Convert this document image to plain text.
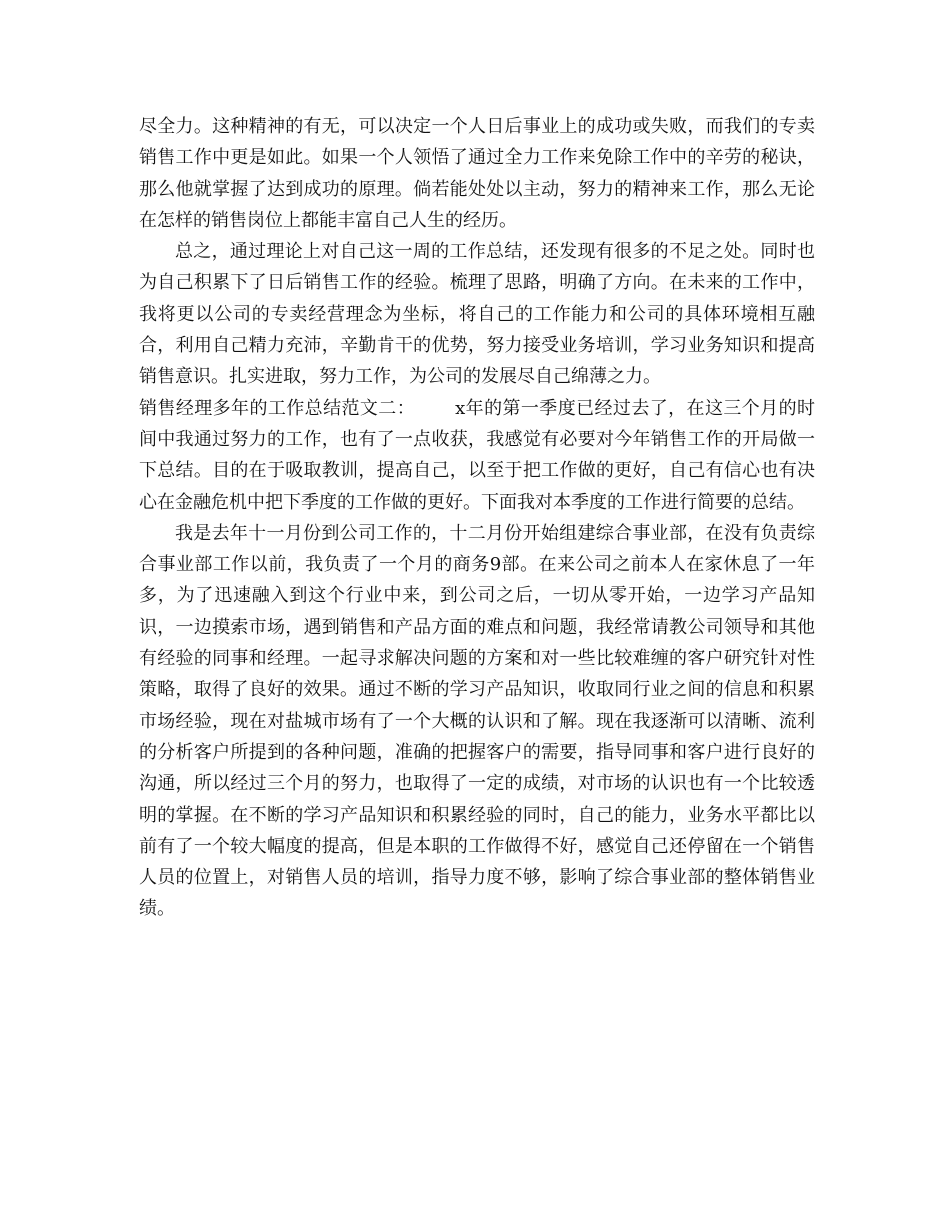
尽全力。这种精神的有无，可以决定一个人日后事业上的成功或失败，而我们的专卖销售工作中更是如此。如果一个人领悟了通过全力工作来免除工作中的辛劳的秘诀，那么他就掌握了达到成功的原理。倘若能处处以主动，努力的精神来工作，那么无论在怎样的销售岗位上都能丰富自己人生的经历。

总之，通过理论上对自己这一周的工作总结，还发现有很多的不足之处。同时也为自己积累下了日后销售工作的经验。梳理了思路，明确了方向。在未来的工作中，我将更以公司的专卖经营理念为坐标，将自己的工作能力和公司的具体环境相互融合，利用自己精力充沛，辛勤肯干的优势，努力接受业务培训，学习业务知识和提高销售意识。扎实进取，努力工作，为公司的发展尽自己绵薄之力。

销售经理多年的工作总结范文二： x年的第一季度已经过去了，在这三个月的时间中我通过努力的工作，也有了一点收获，我感觉有必要对今年销售工作的开局做一下总结。目的在于吸取教训，提高自己，以至于把工作做的更好，自己有信心也有决心在金融危机中把下季度的工作做的更好。下面我对本季度的工作进行简要的总结。

我是去年十一月份到公司工作的，十二月份开始组建综合事业部，在没有负责综合事业部工作以前，我负责了一个月的商务9部。在来公司之前本人在家休息了一年多，为了迅速融入到这个行业中来，到公司之后，一切从零开始，一边学习产品知识，一边摸索市场，遇到销售和产品方面的难点和问题，我经常请教公司领导和其他有经验的同事和经理。一起寻求解决问题的方案和对一些比较难缠的客户研究针对性策略，取得了良好的效果。通过不断的学习产品知识，收取同行业之间的信息和积累市场经验，现在对盐城市场有了一个大概的认识和了解。现在我逐渐可以清晰、流利的分析客户所提到的各种问题，准确的把握客户的需要，指导同事和客户进行良好的沟通，所以经过三个月的努力，也取得了一定的成绩，对市场的认识也有一个比较透明的掌握。在不断的学习产品知识和积累经验的同时，自己的能力，业务水平都比以前有了一个较大幅度的提高，但是本职的工作做得不好，感觉自己还停留在一个销售人员的位置上，对销售人员的培训，指导力度不够，影响了综合事业部的整体销售业绩。
